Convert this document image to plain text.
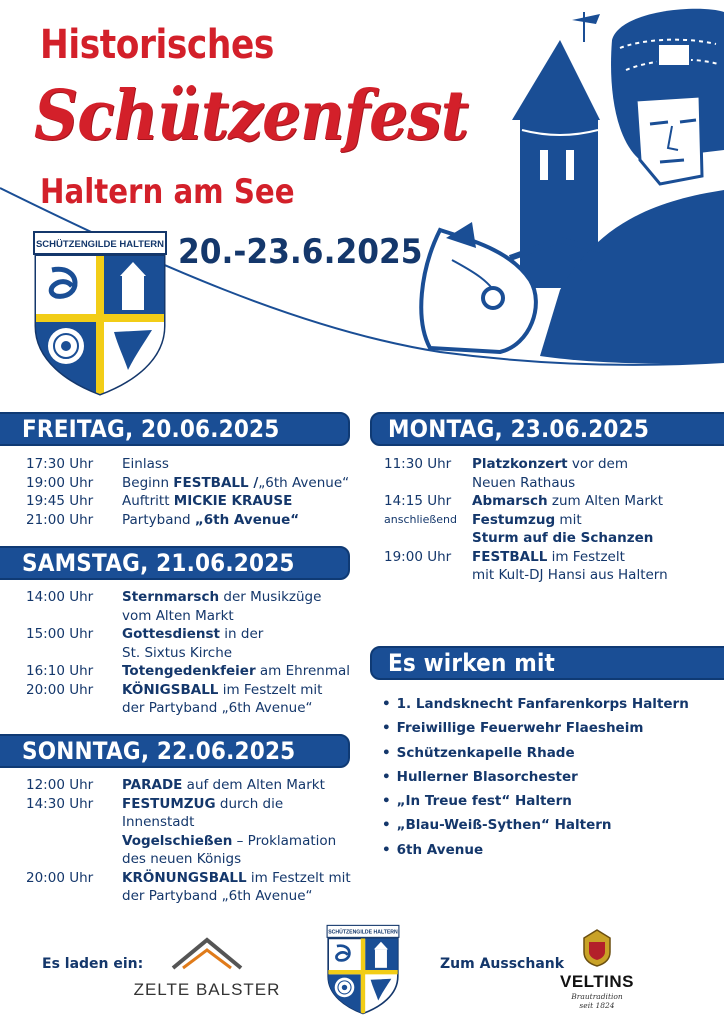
Historisches
Schützenfest
Haltern am See
20.-23.6.2025
SCHÜTZENGILDE HALTERN
FREITAG, 20.06.2025
17:30 Uhr	Einlass
19:00 Uhr	Beginn FESTBALL /„6th Avenue“
19:45 Uhr	Auftritt MICKIE KRAUSE
21:00 Uhr	Partyband „6th Avenue“
SAMSTAG, 21.06.2025
14:00 Uhr	Sternmarsch der Musikzüge
vom Alten Markt
15:00 Uhr	Gottesdienst in der
St. Sixtus Kirche
16:10 Uhr	Totengedenkfeier am Ehrenmal
20:00 Uhr	KÖNIGSBALL im Festzelt mit
der Partyband „6th Avenue“
SONNTAG, 22.06.2025
12:00 Uhr	PARADE auf dem Alten Markt
14:30 Uhr	FESTUMZUG durch die
Innenstadt
Vogelschießen – Proklamation
des neuen Königs
20:00 Uhr	KRÖNUNGSBALL im Festzelt mit
der Partyband „6th Avenue“
MONTAG, 23.06.2025
11:30 Uhr	Platzkonzert vor dem
Neuen Rathaus
14:15 Uhr	Abmarsch zum Alten Markt
anschließend	Festumzug mit
Sturm auf die Schanzen
19:00 Uhr	FESTBALL im Festzelt
mit Kult-DJ Hansi aus Haltern
Es wirken mit
• 1. Landsknecht Fanfarenkorps Haltern
• Freiwillige Feuerwehr Flaesheim
• Schützenkapelle Rhade
• Hullerner Blasorchester
• „In Treue fest“ Haltern
• „Blau-Weiß-Sythen“ Haltern
• 6th Avenue
Es laden ein:
ZELTE BALSTER
SCHÜTZENGILDE HALTERN
Zum Ausschank
VELTINS
Brautradition
seit 1824
